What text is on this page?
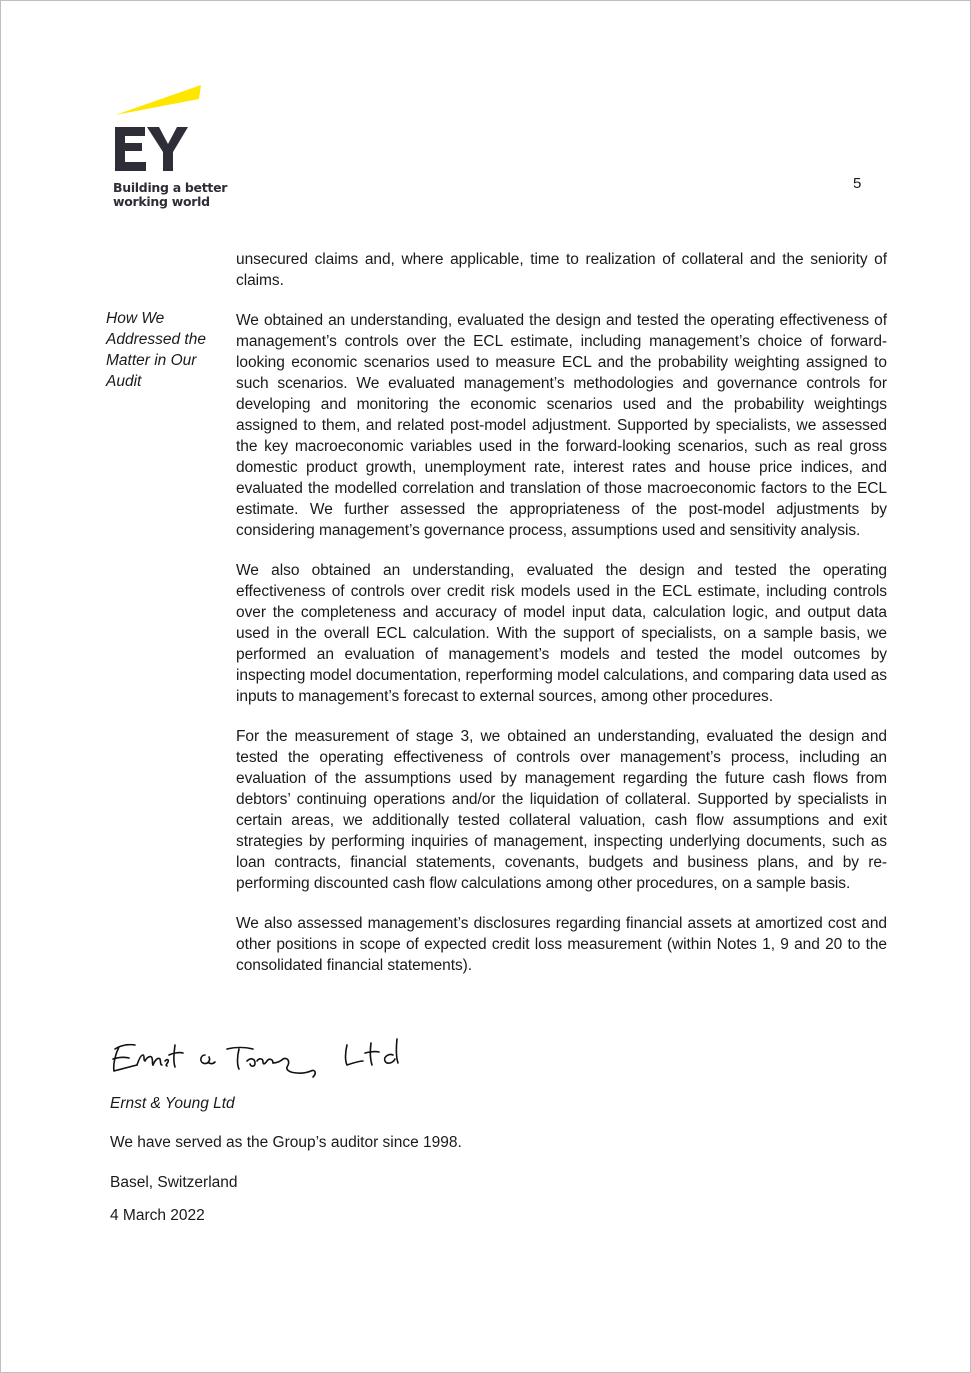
Building a better
working world
5
How We
Addressed the
Matter in Our
Audit

unsecured claims and, where applicable, time to realization of collateral and the seniority of claims.

We obtained an understanding, evaluated the design and tested the operating effectiveness of management’s controls over the ECL estimate, including management’s choice of forward-looking economic scenarios used to measure ECL and the probability weighting assigned to such scenarios. We evaluated management’s methodologies and governance controls for developing and monitoring the economic scenarios used and the probability weightings assigned to them, and related post-model adjustment. Supported by specialists, we assessed the key macroeconomic variables used in the forward-looking scenarios, such as real gross domestic product growth, unemployment rate, interest rates and house price indices, and evaluated the modelled correlation and translation of those macroeconomic factors to the ECL estimate. We further assessed the appropriateness of the post-model adjustments by considering management’s governance process, assumptions used and sensitivity analysis.

We also obtained an understanding, evaluated the design and tested the operating effectiveness of controls over credit risk models used in the ECL estimate, including controls over the completeness and accuracy of model input data, calculation logic, and output data used in the overall ECL calculation. With the support of specialists, on a sample basis, we performed an evaluation of management’s models and tested the model outcomes by inspecting model documentation, reperforming model calculations, and comparing data used as inputs to management’s forecast to external sources, among other procedures.

For the measurement of stage 3, we obtained an understanding, evaluated the design and tested the operating effectiveness of controls over management’s process, including an evaluation of the assumptions used by management regarding the future cash flows from debtors’ continuing operations and/or the liquidation of collateral. Supported by specialists in certain areas, we additionally tested collateral valuation, cash flow assumptions and exit strategies by performing inquiries of management, inspecting underlying documents, such as loan contracts, financial statements, covenants, budgets and business plans, and by re-performing discounted cash flow calculations among other procedures, on a sample basis.

We also assessed management’s disclosures regarding financial assets at amortized cost and other positions in scope of expected credit loss measurement (within Notes 1, 9 and 20 to the consolidated financial statements).

Ernst & Young Ltd
We have served as the Group’s auditor since 1998.
Basel, Switzerland
4 March 2022
